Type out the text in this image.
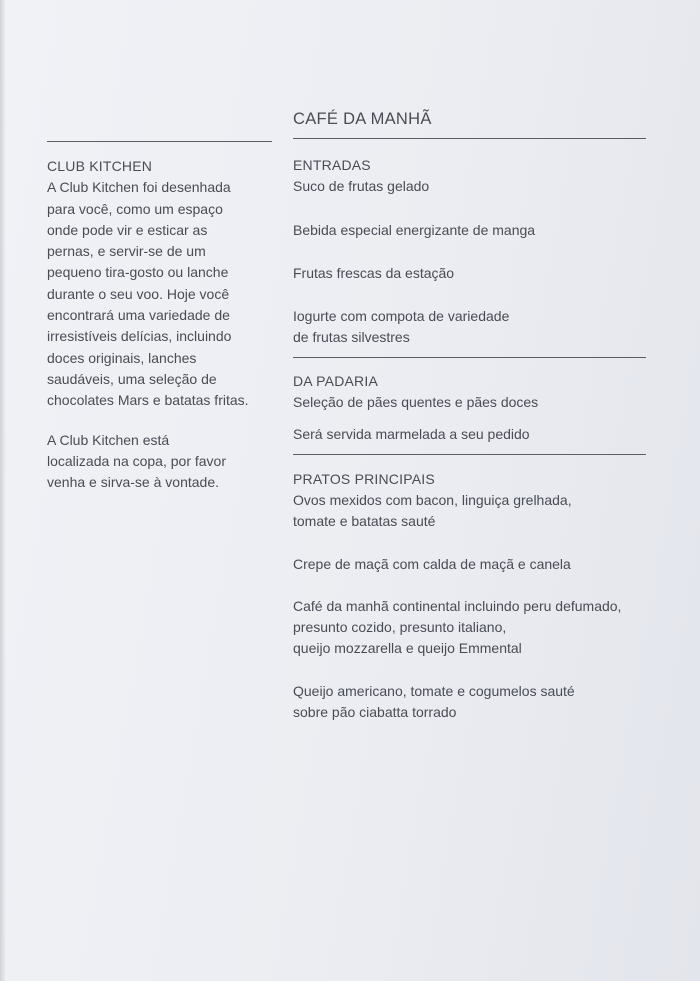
CLUB KITCHEN
A Club Kitchen foi desenhada
para você, como um espaço
onde pode vir e esticar as
pernas, e servir-se de um
pequeno tira-gosto ou lanche
durante o seu voo. Hoje você
encontrará uma variedade de
irresistíveis delícias, incluindo
doces originais, lanches
saudáveis, uma seleção de
chocolates Mars e batatas fritas.
A Club Kitchen está
localizada na copa, por favor
venha e sirva-se à vontade.
CAFÉ DA MANHÃ
ENTRADAS
Suco de frutas gelado
Bebida especial energizante de manga
Frutas frescas da estação
Iogurte com compota de variedade
de frutas silvestres
DA PADARIA
Seleção de pães quentes e pães doces
Será servida marmelada a seu pedido
PRATOS PRINCIPAIS
Ovos mexidos com bacon, linguiça grelhada,
tomate e batatas sauté
Crepe de maçã com calda de maçã e canela
Café da manhã continental incluindo peru defumado,
presunto cozido, presunto italiano,
queijo mozzarella e queijo Emmental
Queijo americano, tomate e cogumelos sauté
sobre pão ciabatta torrado
